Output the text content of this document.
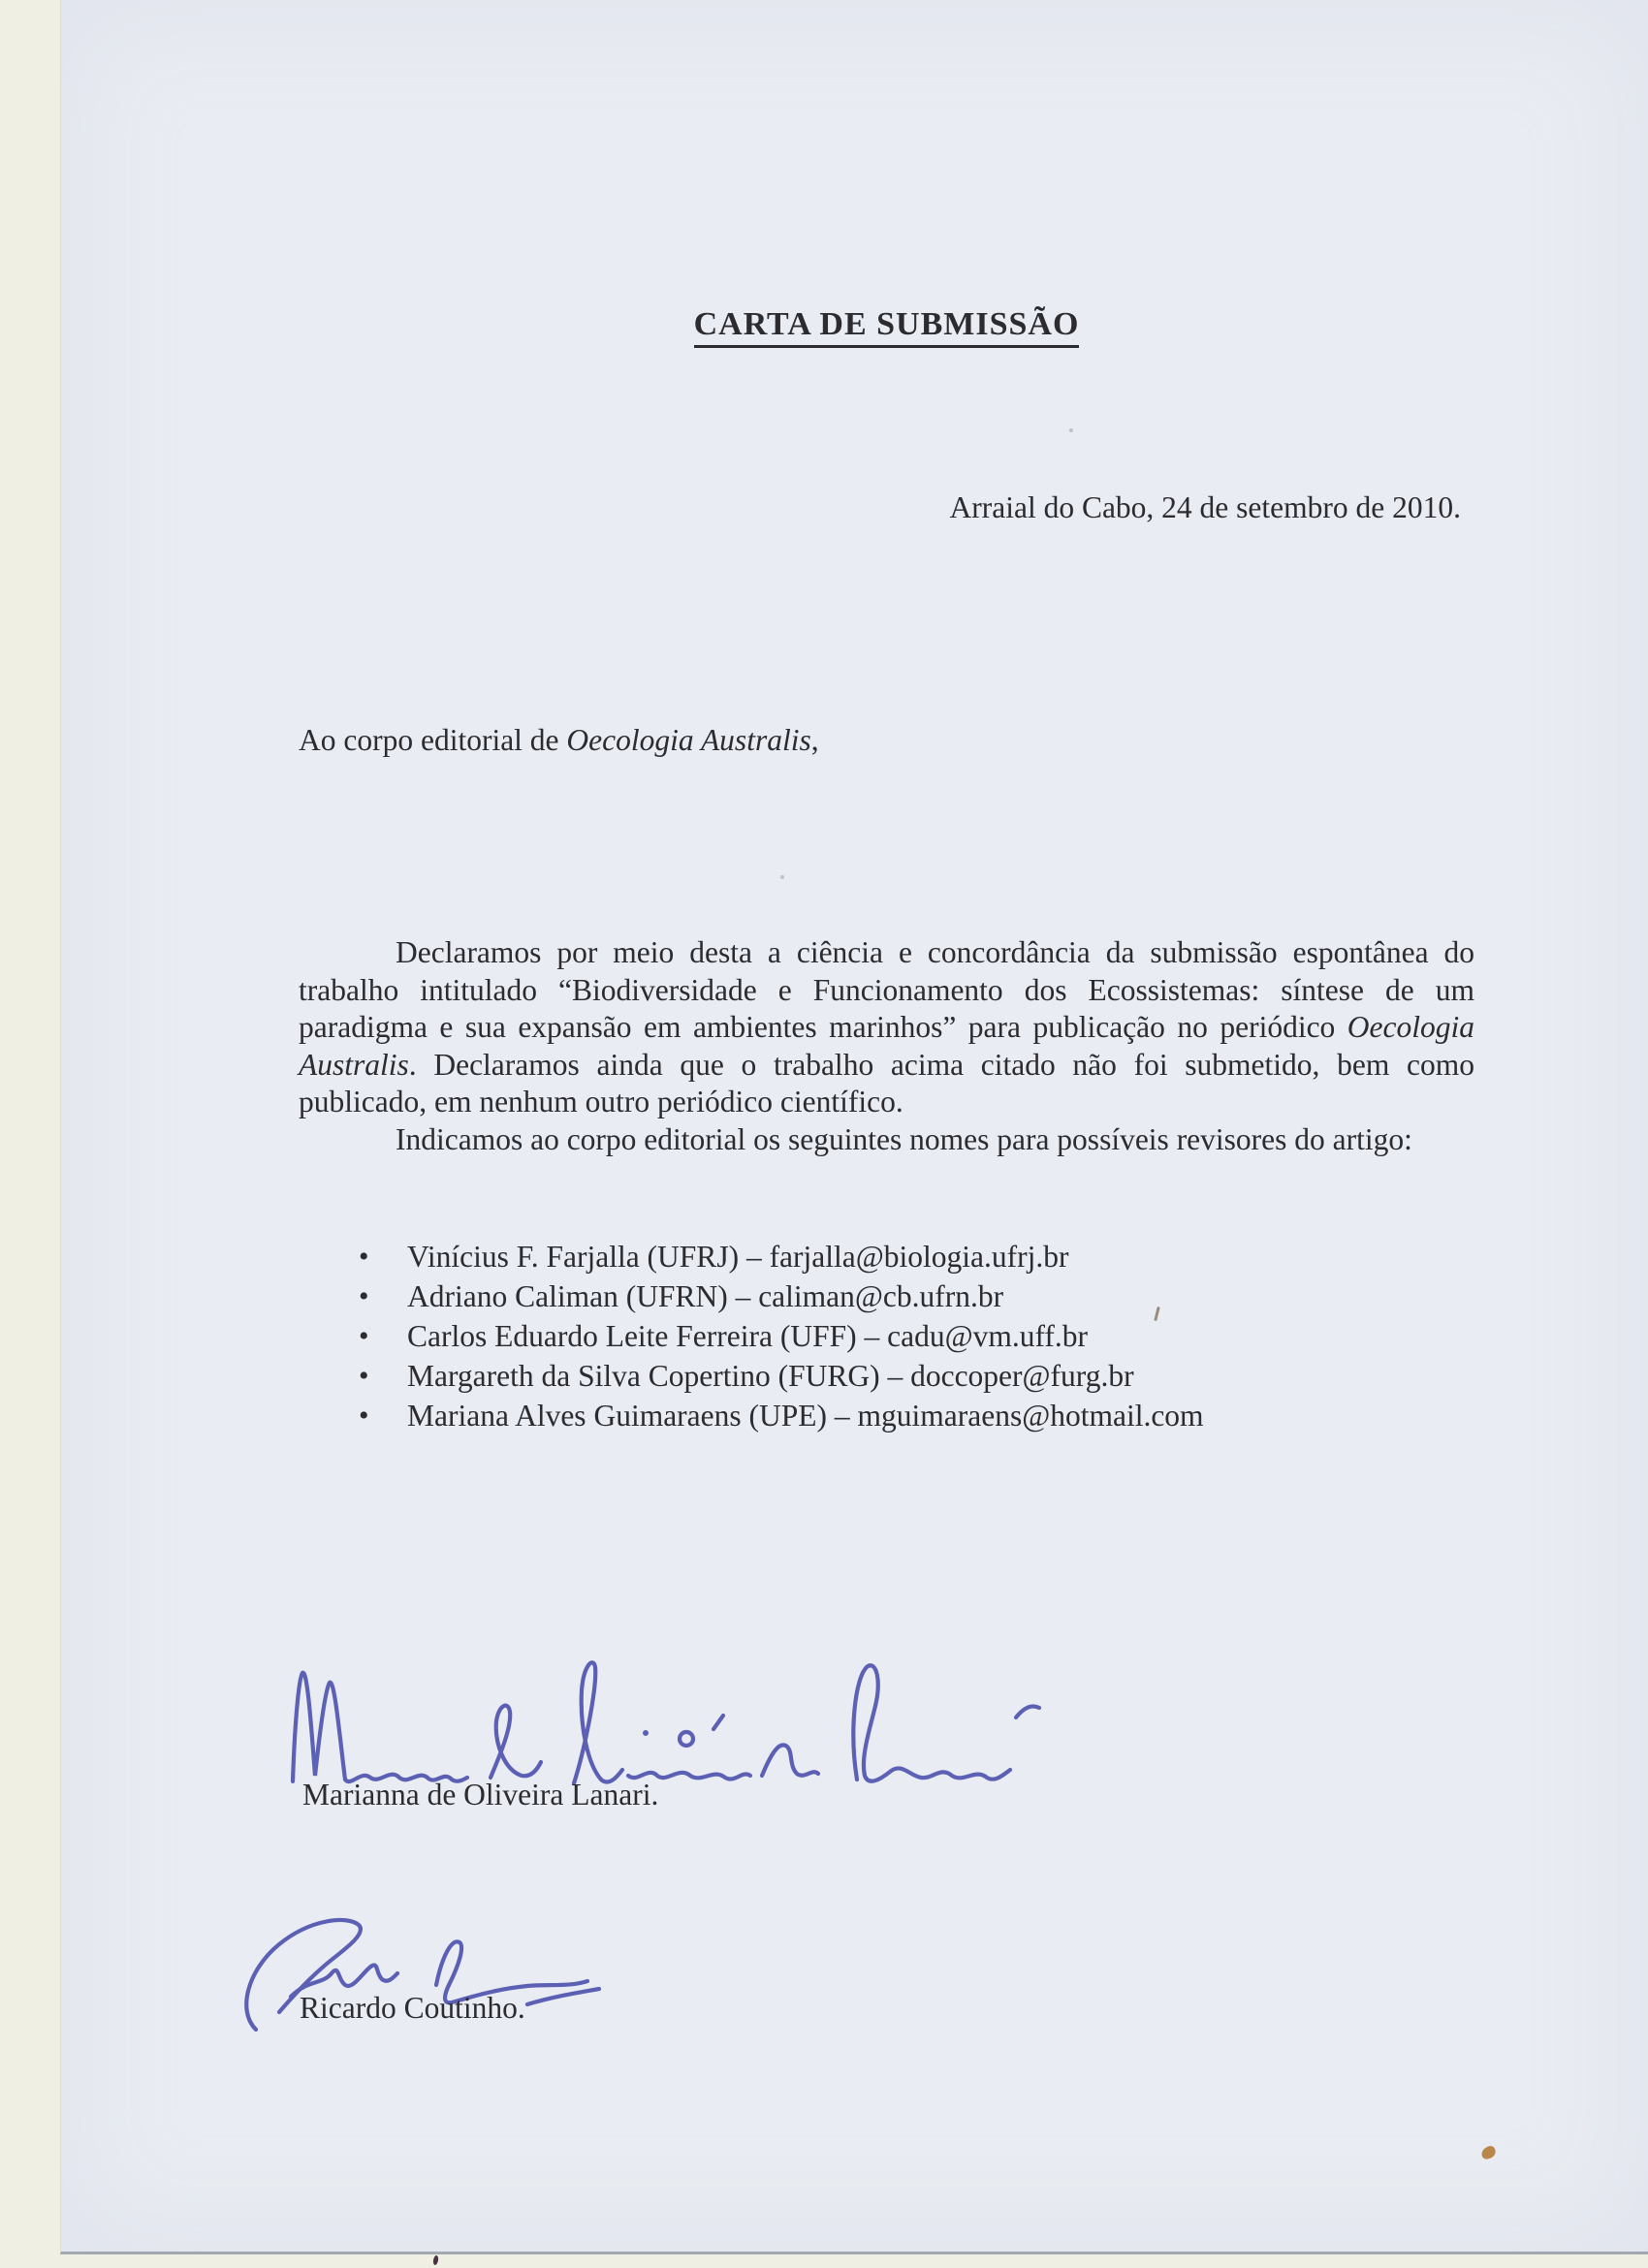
CARTA DE SUBMISSÃO
Arraial do Cabo, 24 de setembro de 2010.
Ao corpo editorial de Oecologia Australis,

Declaramos por meio desta a ciência e concordância da submissão espontânea do trabalho intitulado “Biodiversidade e Funcionamento dos Ecossistemas: síntese de um paradigma e sua expansão em ambientes marinhos” para publicação no periódico Oecologia Australis. Declaramos ainda que o trabalho acima citado não foi submetido, bem como publicado, em nenhum outro periódico científico.

Indicamos ao corpo editorial os seguintes nomes para possíveis revisores do artigo:

• Vinícius F. Farjalla (UFRJ) – farjalla@biologia.ufrj.br
• Adriano Caliman (UFRN) – caliman@cb.ufrn.br
• Carlos Eduardo Leite Ferreira (UFF) – cadu@vm.uff.br
• Margareth da Silva Copertino (FURG) – doccoper@furg.br
• Mariana Alves Guimaraens (UPE) – mguimaraens@hotmail.com
Marianna de Oliveira Lanari.
Ricardo Coutinho.
